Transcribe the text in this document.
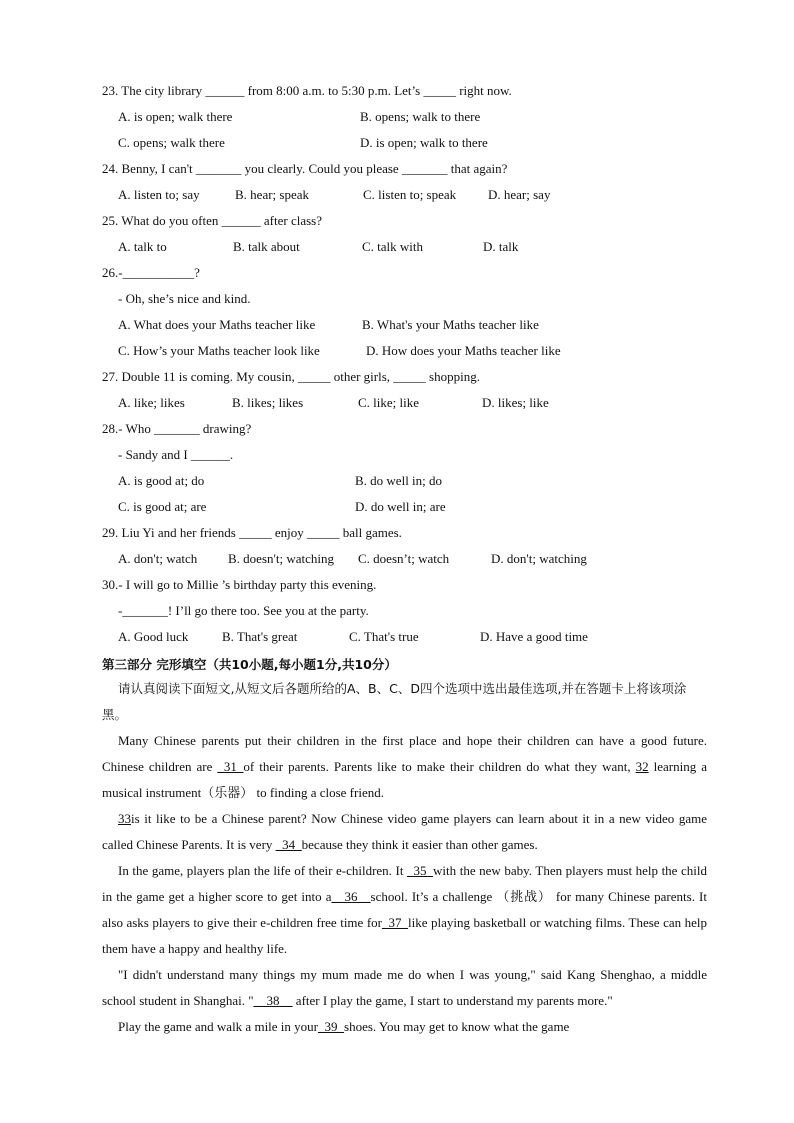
23. The city library ______ from 8:00 a.m. to 5:30 p.m. Let’s _____ right now.
A. is open; walk there	B. opens; walk to there
C. opens; walk there	D. is open; walk to there
24. Benny, I can't _______ you clearly. Could you please _______ that again?
A. listen to; say	B. hear; speak	C. listen to; speak D. hear; say
25. What do you often ______ after class?
A. talk to	B. talk about	C. talk with	D. talk
26.-___________?
- Oh, she’s nice and kind.
A. What does your Maths teacher like	B. What's your Maths teacher like
C. How’s your Maths teacher look like	D. How does your Maths teacher like
27. Double 11 is coming. My cousin, _____ other girls, _____ shopping.
A. like; likes	B. likes; likes	C. like; like	D. likes; like
28.- Who _______ drawing?
- Sandy and I ______.
A. is good at; do	B. do well in; do
C. is good at; are	D. do well in; are
29. Liu Yi and her friends _____ enjoy _____ ball games.
A. don't; watch B. doesn't; watching C. doesn’t; watch	D. don't; watching
30.- I will go to Millie ’s birthday party this evening.
-_______! I’ll go there too. See you at the party.
A. Good luck	B. That's great	C. That's true	D. Have a good time
第三部分 完形填空（共10小题,每小题1分,共10分）
请认真阅读下面短文,从短文后各题所给的A、B、C、D四个选项中选出最佳选项,并在答题卡上将该项涂黑。
Many Chinese parents put their children in the first place and hope their children can have a good future. Chinese children are _31_of their parents. Parents like to make their children do what they want, 32 learning a musical instrument（乐器） to finding a close friend.
33is it like to be a Chinese parent? Now Chinese video game players can learn about it in a new video game called Chinese Parents. It is very _34_because they think it easier than other games.
In the game, players plan the life of their e-children. It _35_with the new baby. Then players must help the child in the game get a higher score to get into a__36__school. It’s a challenge （挑战） for many Chinese parents. It also asks players to give their e-children free time for_37_like playing basketball or watching films. These can help them have a happy and healthy life.
"I didn't understand many things my mum made me do when I was young," said Kang Shenghao, a middle school student in Shanghai. "__38__ after I play the game, I start to understand my parents more."
Play the game and walk a mile in your_39_shoes. You may get to know what the game
